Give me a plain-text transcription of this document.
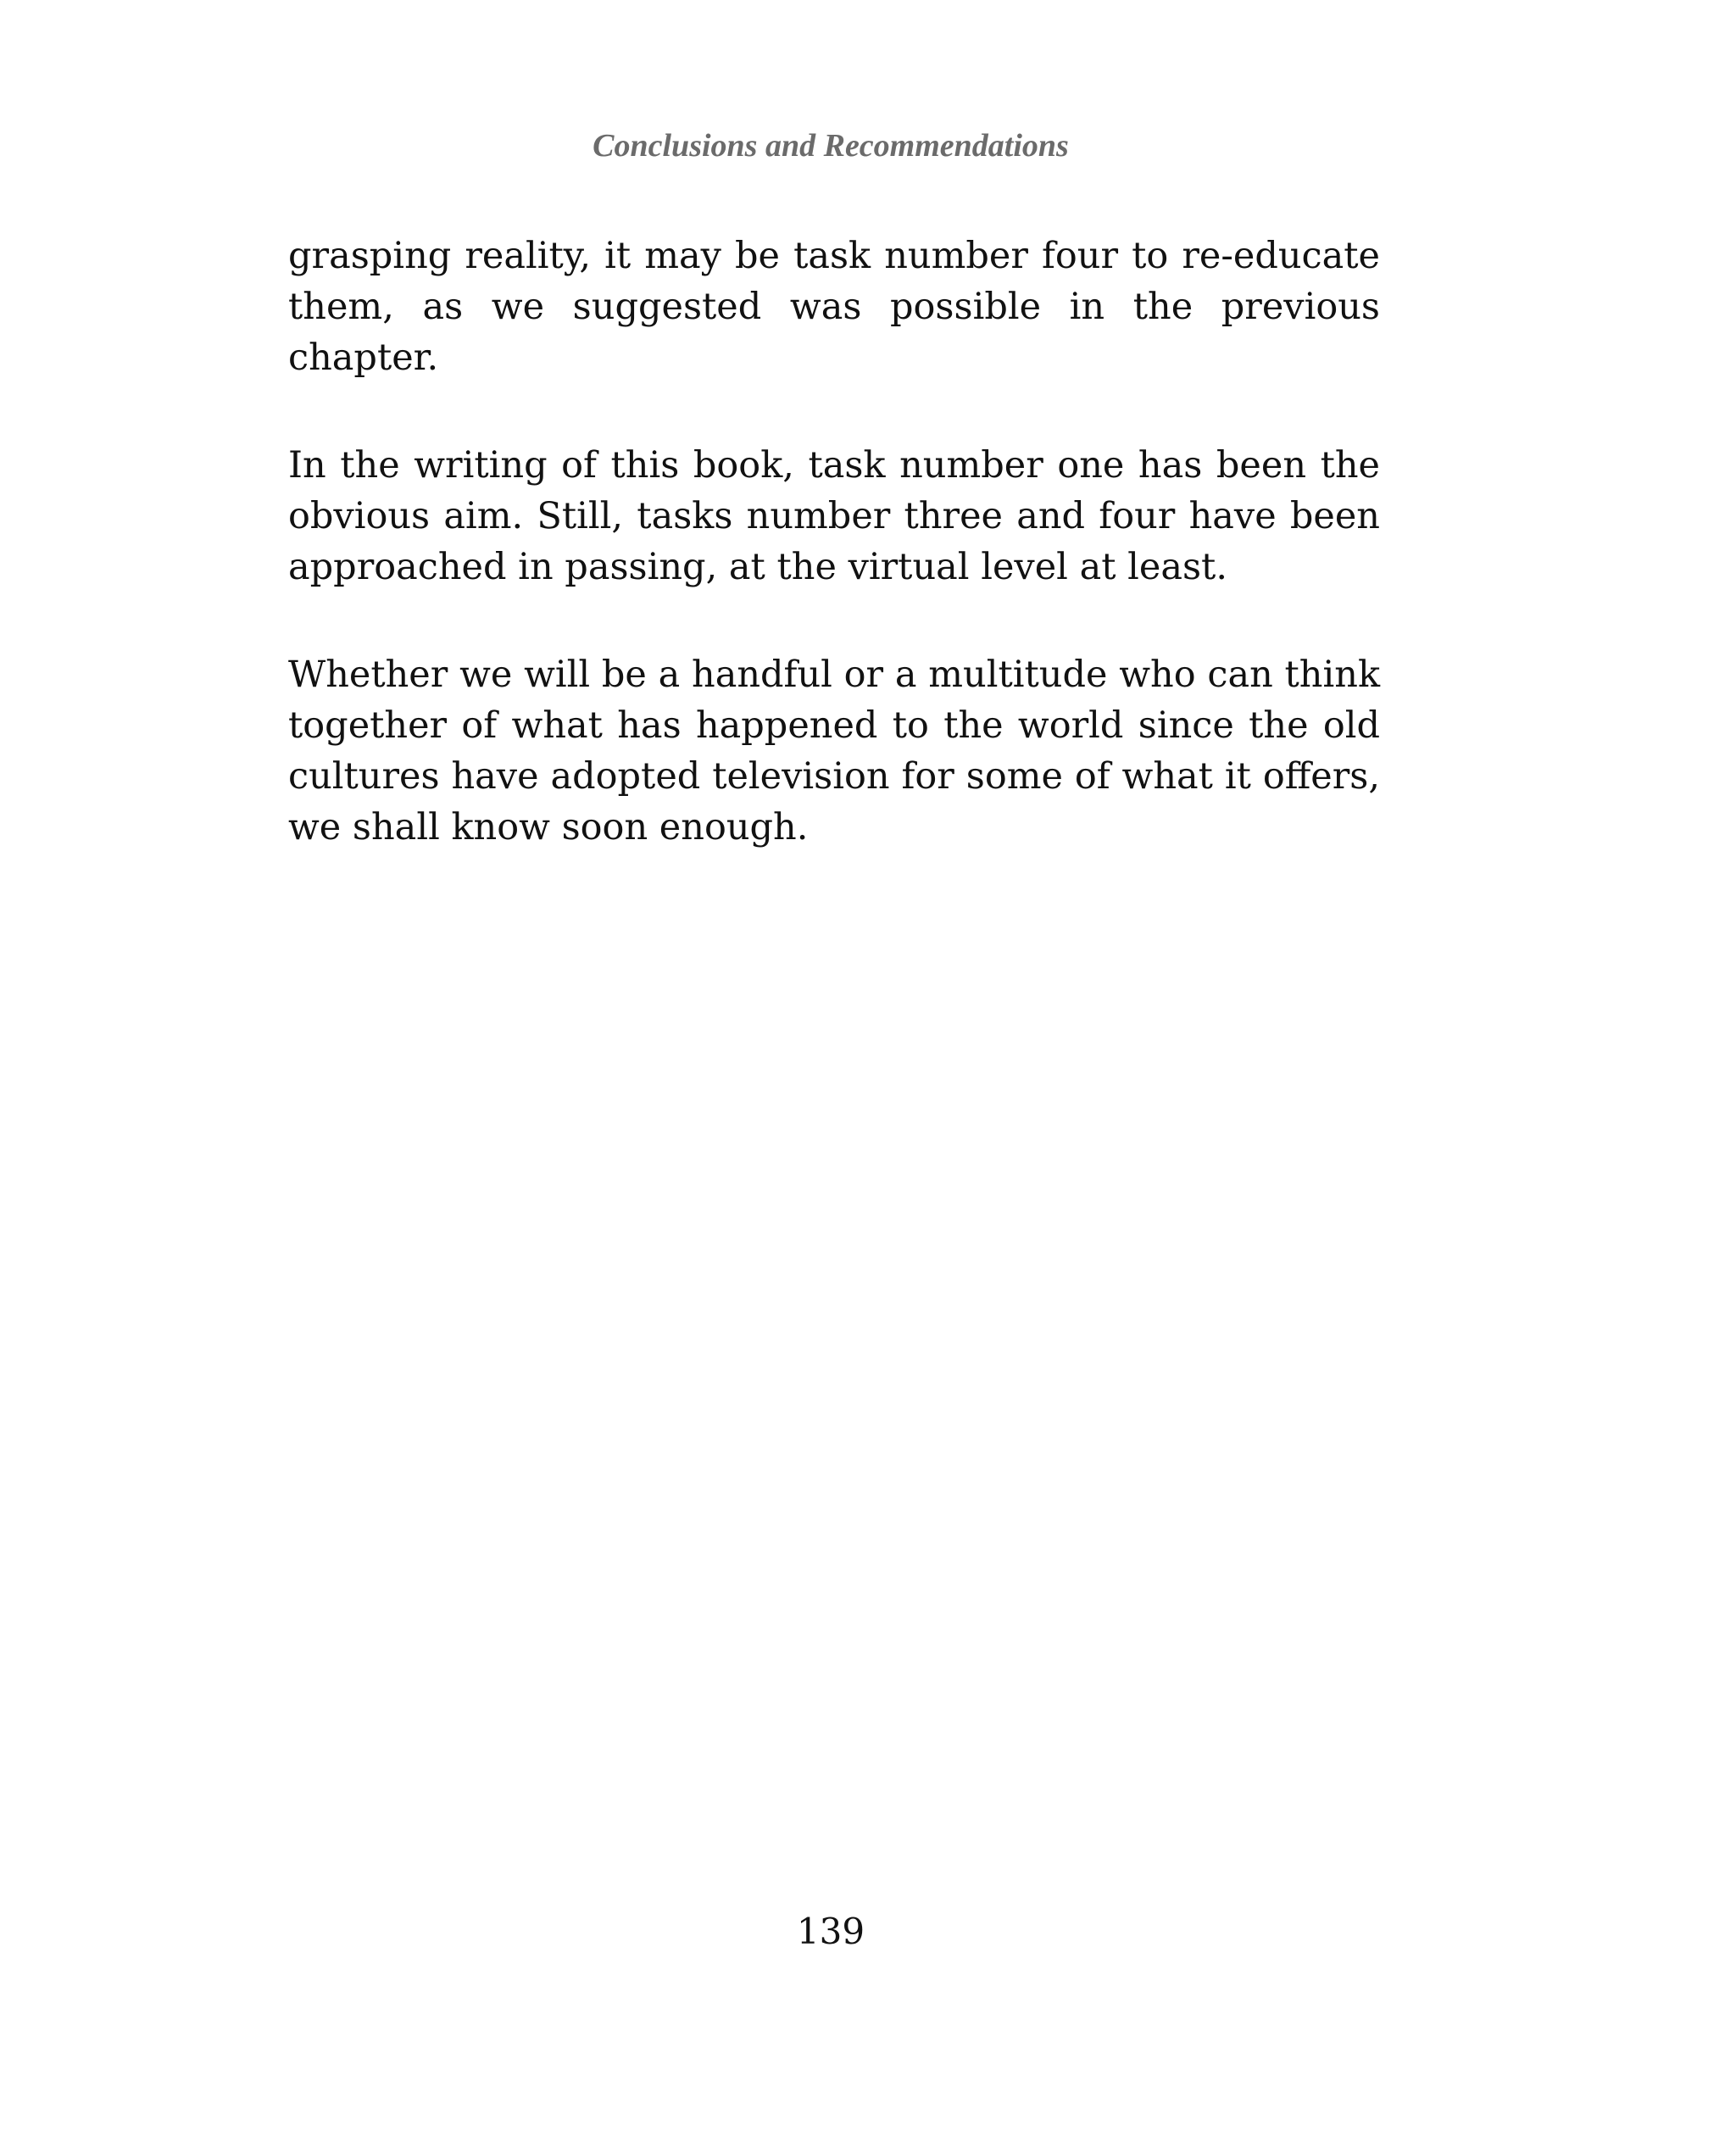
Conclusions and Recommendations

grasping reality, it may be task number four to re-educate them, as we suggested was possible in the previous chapter.

In the writing of this book, task number one has been the obvious aim. Still, tasks number three and four have been approached in passing, at the virtual level at least.

Whether we will be a handful or a multitude who can think together of what has happened to the world since the old cultures have adopted television for some of what it offers, we shall know soon enough.

139
